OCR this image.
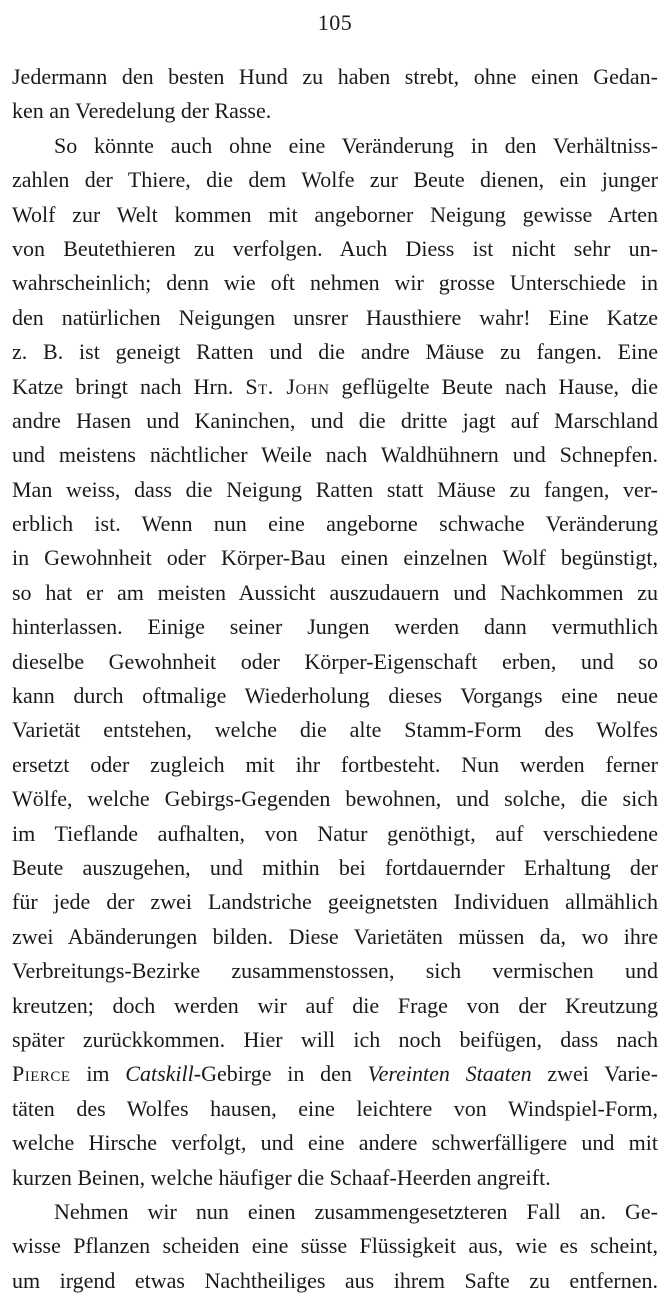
105
Jedermann den besten Hund zu haben strebt, ohne einen Gedan-
ken an Veredelung der Rasse.
So könnte auch ohne eine Veränderung in den Verhältniss-
zahlen der Thiere, die dem Wolfe zur Beute dienen, ein junger
Wolf zur Welt kommen mit angeborner Neigung gewisse Arten
von Beutethieren zu verfolgen. Auch Diess ist nicht sehr un-
wahrscheinlich; denn wie oft nehmen wir grosse Unterschiede in
den natürlichen Neigungen unsrer Hausthiere wahr! Eine Katze
z. B. ist geneigt Ratten und die andre Mäuse zu fangen. Eine
Katze bringt nach Hrn. St. John geflügelte Beute nach Hause, die
andre Hasen und Kaninchen, und die dritte jagt auf Marschland
und meistens nächtlicher Weile nach Waldhühnern und Schnepfen.
Man weiss, dass die Neigung Ratten statt Mäuse zu fangen, ver-
erblich ist. Wenn nun eine angeborne schwache Veränderung
in Gewohnheit oder Körper-Bau einen einzelnen Wolf begünstigt,
so hat er am meisten Aussicht auszudauern und Nachkommen zu
hinterlassen. Einige seiner Jungen werden dann vermuthlich
dieselbe Gewohnheit oder Körper-Eigenschaft erben, und so
kann durch oftmalige Wiederholung dieses Vorgangs eine neue
Varietät entstehen, welche die alte Stamm-Form des Wolfes
ersetzt oder zugleich mit ihr fortbesteht. Nun werden ferner
Wölfe, welche Gebirgs-Gegenden bewohnen, und solche, die sich
im Tieflande aufhalten, von Natur genöthigt, auf verschiedene
Beute auszugehen, und mithin bei fortdauernder Erhaltung der
für jede der zwei Landstriche geeignetsten Individuen allmählich
zwei Abänderungen bilden. Diese Varietäten müssen da, wo ihre
Verbreitungs-Bezirke zusammenstossen, sich vermischen und
kreutzen; doch werden wir auf die Frage von der Kreutzung
später zurückkommen. Hier will ich noch beifügen, dass nach
Pierce im Catskill-Gebirge in den Vereinten Staaten zwei Varie-
täten des Wolfes hausen, eine leichtere von Windspiel-Form,
welche Hirsche verfolgt, und eine andere schwerfälligere und mit
kurzen Beinen, welche häufiger die Schaaf-Heerden angreift.
Nehmen wir nun einen zusammengesetzteren Fall an. Ge-
wisse Pflanzen scheiden eine süsse Flüssigkeit aus, wie es scheint,
um irgend etwas Nachtheiliges aus ihrem Safte zu entfernen.
